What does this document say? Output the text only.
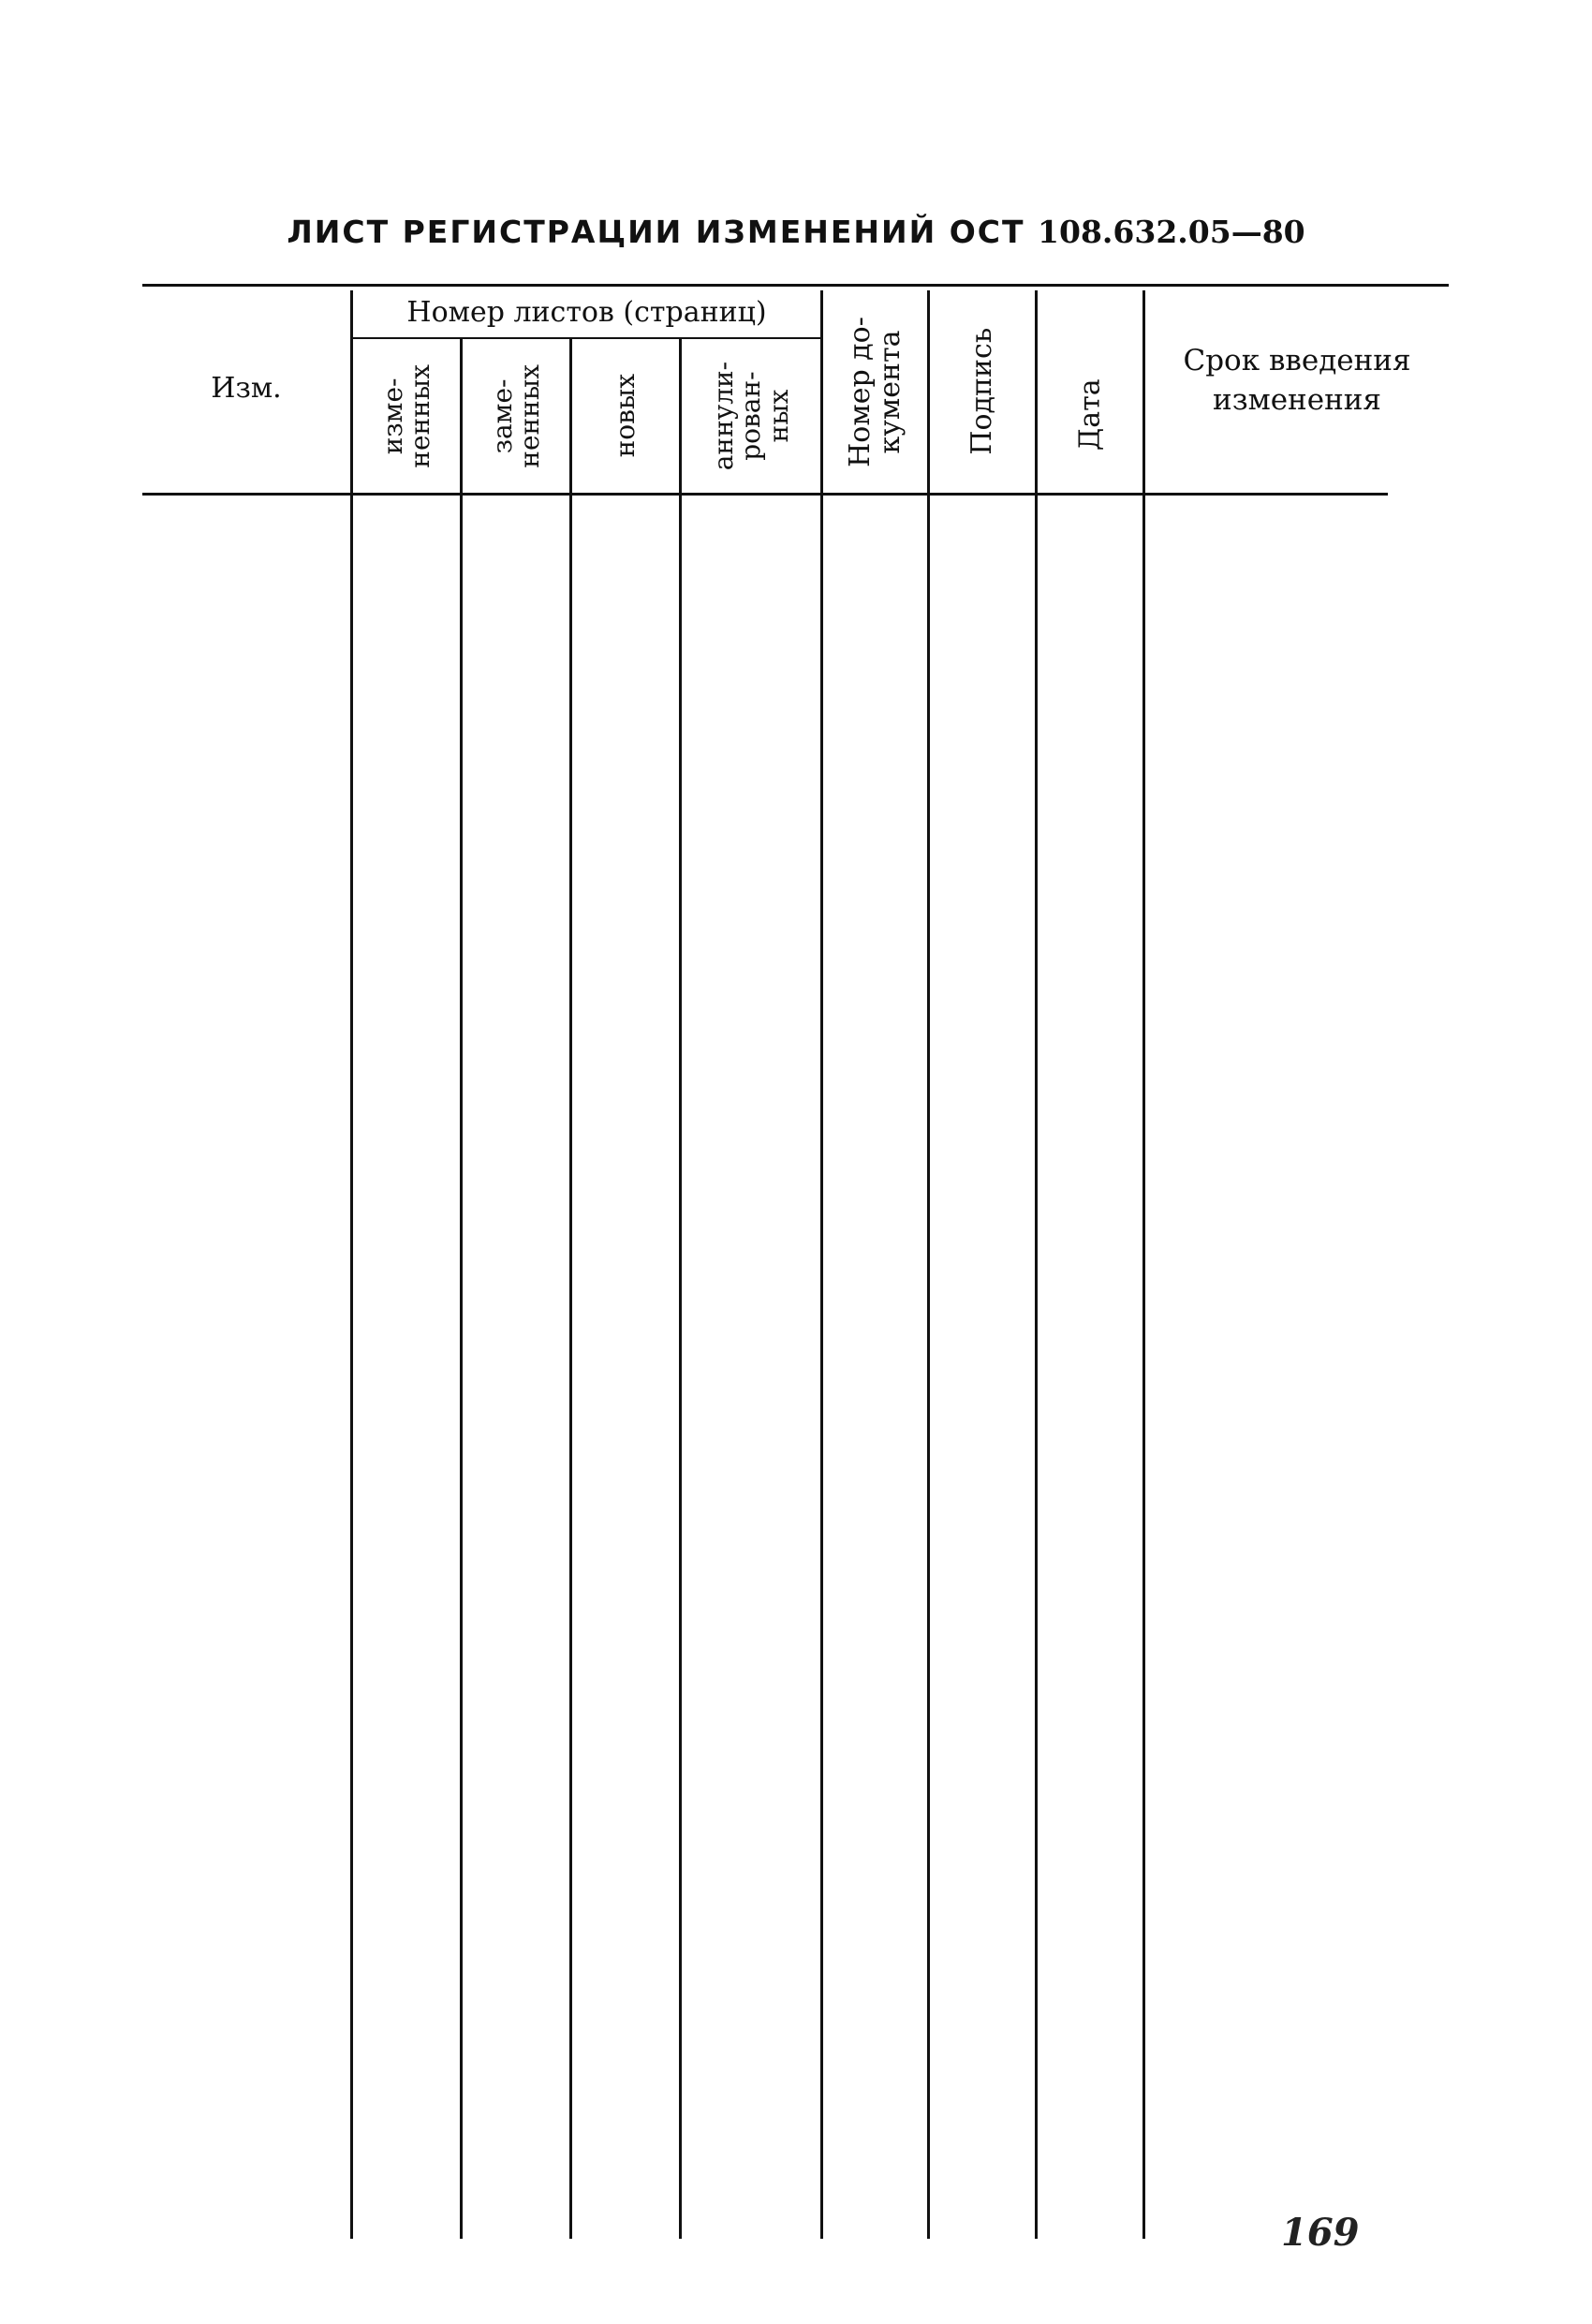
ЛИСТ РЕГИСТРАЦИИ ИЗМЕНЕНИЙ ОСТ 108.632.05—80
Изм.
Номер листов (страниц)
изме-
ненных заме-
ненных новых	аннули-
рован-
ных Номер до-
кумента Подпись	Дата
Срок введения изменения
169
